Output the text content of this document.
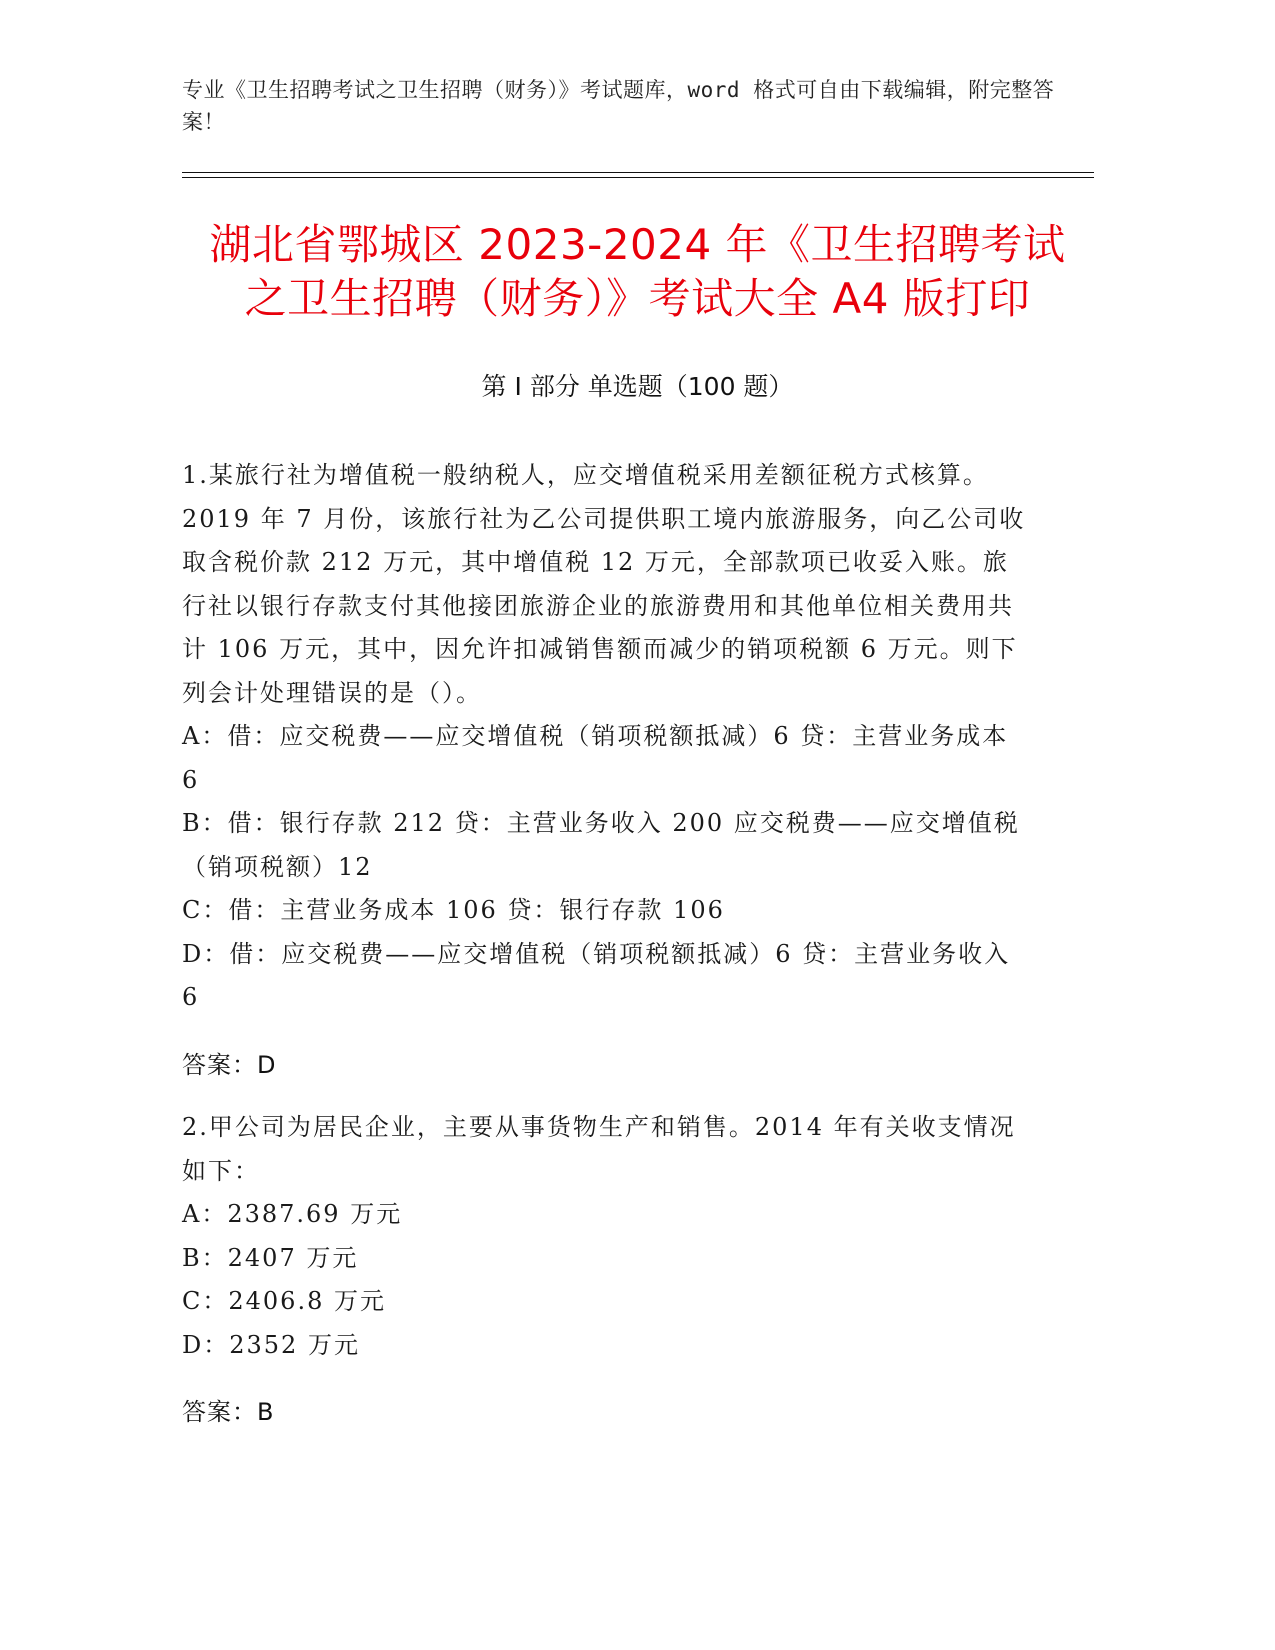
专业《卫生招聘考试之卫生招聘（财务）》考试题库，word 格式可自由下载编辑，附完整答案！
湖北省鄂城区 2023-2024 年《卫生招聘考试
之卫生招聘（财务）》考试大全 A4 版打印
第 I 部分 单选题（100 题）

1.某旅行社为增值税一般纳税人，应交增值税采用差额征税方式核算。2019 年 7 月份，该旅行社为乙公司提供职工境内旅游服务，向乙公司收取含税价款 212 万元，其中增值税 12 万元，全部款项已收妥入账。旅行社以银行存款支付其他接团旅游企业的旅游费用和其他单位相关费用共计 106 万元，其中，因允许扣减销售额而减少的销项税额 6 万元。则下列会计处理错误的是（）。

A：借：应交税费——应交增值税（销项税额抵减）6 贷：主营业务成本 6

B：借：银行存款 212 贷：主营业务收入 200 应交税费——应交增值税（销项税额）12

C：借：主营业务成本 106 贷：银行存款 106

D：借：应交税费——应交增值税（销项税额抵减）6 贷：主营业务收入 6

答案：D

2.甲公司为居民企业，主要从事货物生产和销售。2014 年有关收支情况如下：

A：2387.69 万元

B：2407 万元

C：2406.8 万元

D：2352 万元

答案：B
